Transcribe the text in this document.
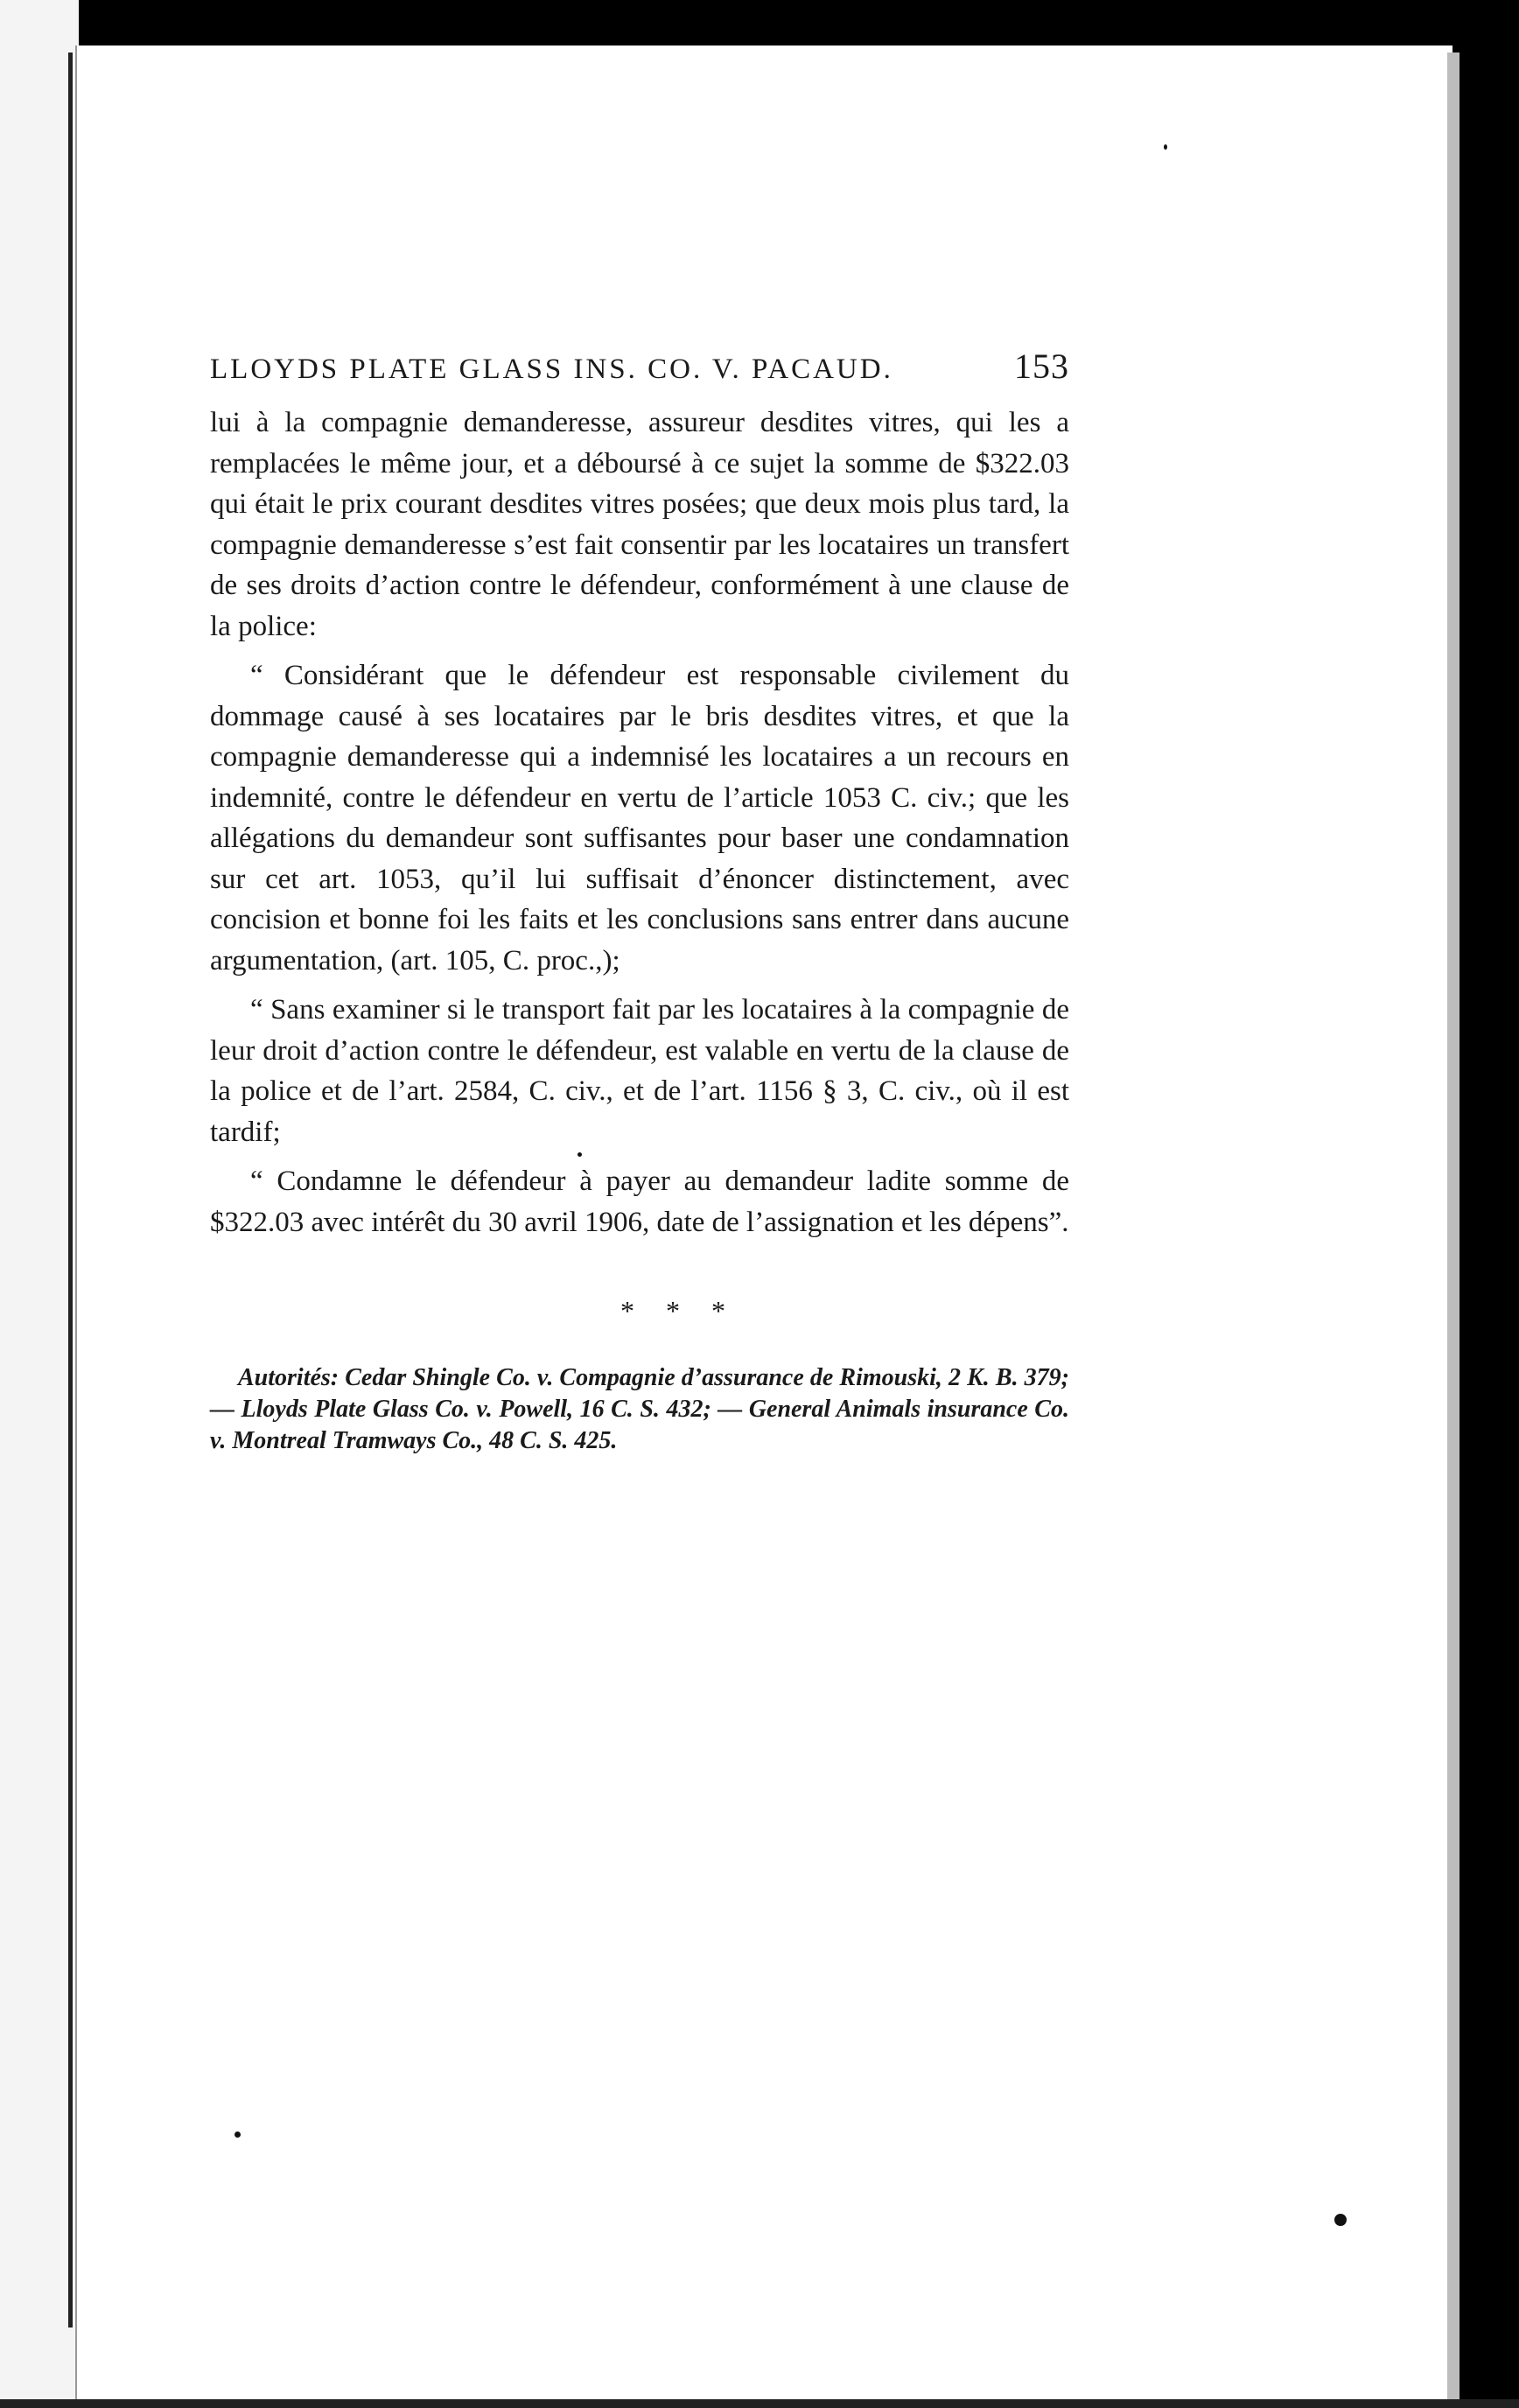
LLOYDS PLATE GLASS INS. CO. V. PACAUD.	153

lui à la compagnie demanderesse, assureur desdites vitres, qui les a remplacées le même jour, et a déboursé à ce sujet la somme de $322.03 qui était le prix courant desdites vitres posées; que deux mois plus tard, la compagnie demanderesse s’est fait consentir par les locataires un transfert de ses droits d’action contre le défendeur, conformément à une clause de la police:

“ Considérant que le défendeur est responsable civilement du dommage causé à ses locataires par le bris desdites vitres, et que la compagnie demanderesse qui a indemnisé les locataires a un recours en indemnité, contre le défendeur en vertu de l’article 1053 C. civ.; que les allégations du demandeur sont suffisantes pour baser une condamnation sur cet art. 1053, qu’il lui suffisait d’énoncer distinctement, avec concision et bonne foi les faits et les conclusions sans entrer dans aucune argumentation, (art. 105, C. proc.,);

“ Sans examiner si le transport fait par les locataires à la compagnie de leur droit d’action contre le défendeur, est valable en vertu de la clause de la police et de l’art. 2584, C. civ., et de l’art. 1156 § 3, C. civ., où il est tardif;

“ Condamne le défendeur à payer au demandeur ladite somme de $322.03 avec intérêt du 30 avril 1906, date de l’assignation et les dépens”.

* * *

Autorités: Cedar Shingle Co. v. Compagnie d’assurance de Rimouski, 2 K. B. 379; — Lloyds Plate Glass Co. v. Powell, 16 C. S. 432; — General Animals insurance Co. v. Montreal Tramways Co., 48 C. S. 425.
